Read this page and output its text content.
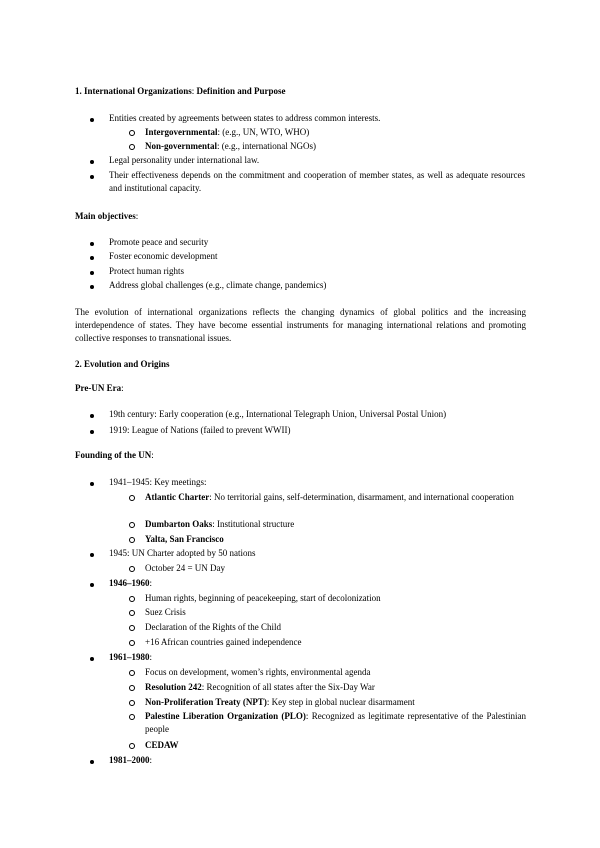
1. International Organizations: Definition and Purpose
Entities created by agreements between states to address common interests.
Intergovernmental: (e.g., UN, WTO, WHO)
Non-governmental: (e.g., international NGOs)
Legal personality under international law.
Their effectiveness depends on the commitment and cooperation of member states, as well as adequate resources and institutional capacity.
Main objectives:
Promote peace and security
Foster economic development
Protect human rights
Address global challenges (e.g., climate change, pandemics)
The evolution of international organizations reflects the changing dynamics of global politics and the increasing interdependence of states. They have become essential instruments for managing international relations and promoting collective responses to transnational issues.
2. Evolution and Origins
Pre-UN Era:
19th century: Early cooperation (e.g., International Telegraph Union, Universal Postal Union)
1919: League of Nations (failed to prevent WWII)
Founding of the UN:
1941–1945: Key meetings:
Atlantic Charter: No territorial gains, self-determination, disarmament, and international cooperation
Dumbarton Oaks: Institutional structure
Yalta, San Francisco
1945: UN Charter adopted by 50 nations
October 24 = UN Day
1946–1960:
Human rights, beginning of peacekeeping, start of decolonization
Suez Crisis
Declaration of the Rights of the Child
+16 African countries gained independence
1961–1980:
Focus on development, women’s rights, environmental agenda
Resolution 242: Recognition of all states after the Six-Day War
Non-Proliferation Treaty (NPT): Key step in global nuclear disarmament
Palestine Liberation Organization (PLO): Recognized as legitimate representative of the Palestinian people
CEDAW
1981–2000:
